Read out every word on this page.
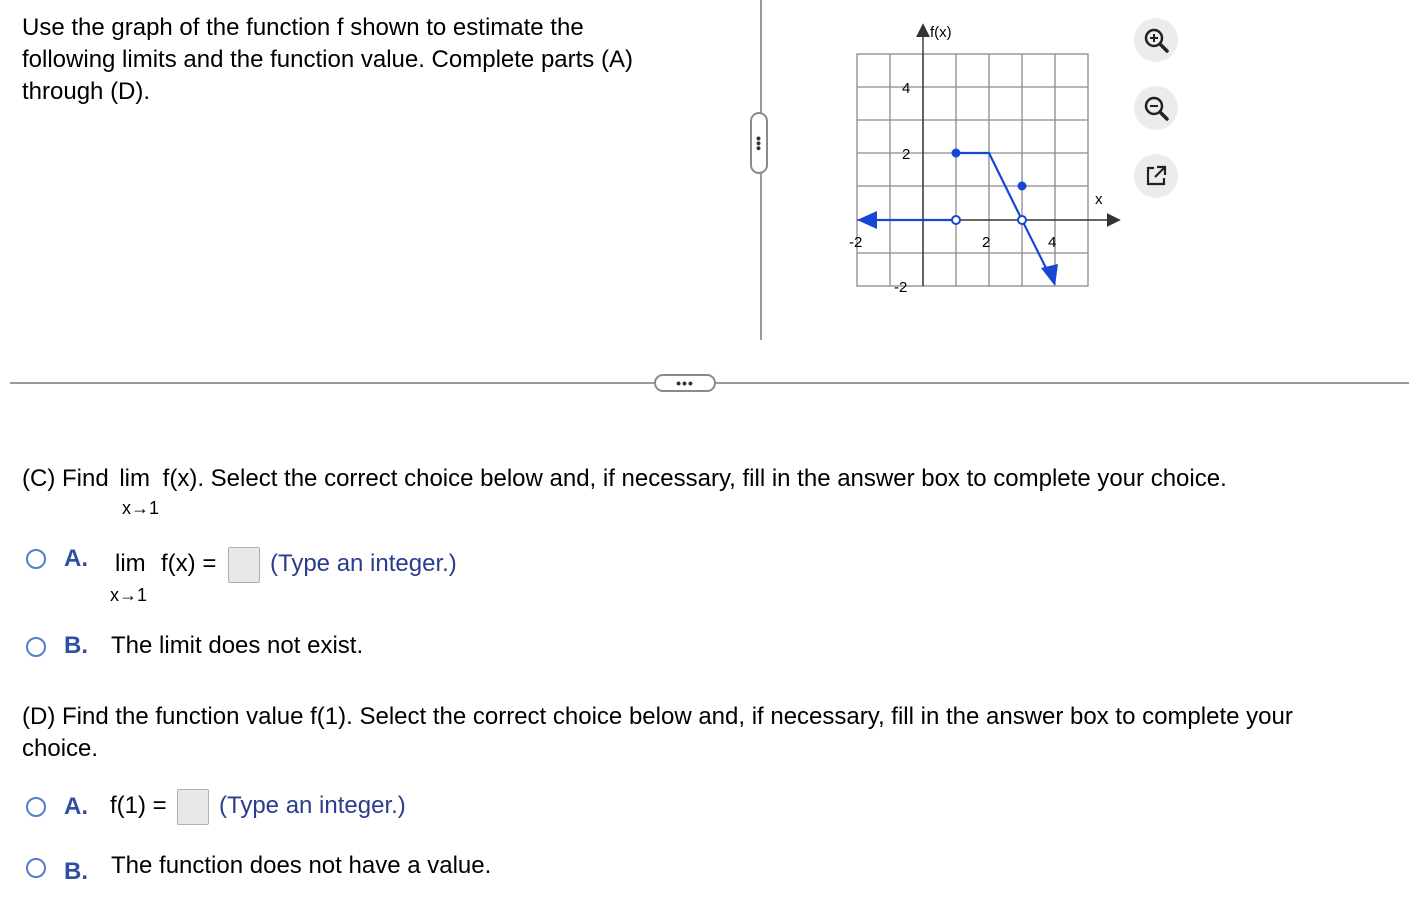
Use the graph of the function f shown to estimate the
following limits and the function value. Complete parts (A)
through (D).
•••
f(x)
x
-2	2	4
4
2
-2
•••
(C) Find lim f(x). Select the correct choice below and, if necessary, fill in the answer box to complete your choice.
x→1
A. lim f(x) =
x→1
(Type an integer.)
B. The limit does not exist.
(D) Find the function value f(1). Select the correct choice below and, if necessary, fill in the answer box to complete your
choice.
A. f(1) = (Type an integer.)
B. The function does not have a value.
